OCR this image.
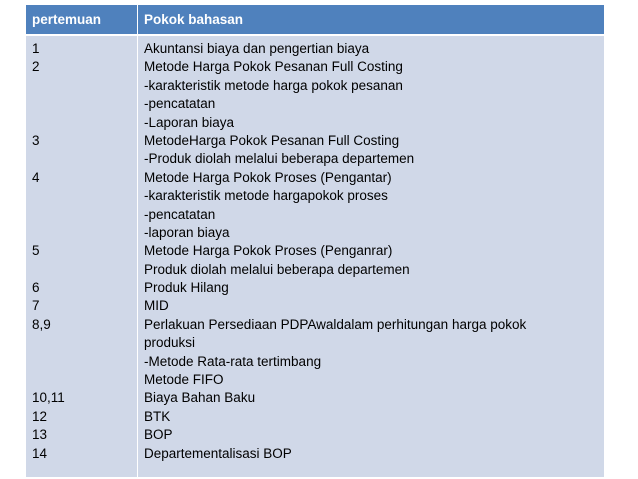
pertemuan	Pokok bahasan
1
2
3
4
5
6
7
8,9
10,11
12
13
14
Akuntansi biaya dan pengertian biaya
Metode Harga Pokok Pesanan Full Costing
-karakteristik metode harga pokok pesanan
-pencatatan
-Laporan biaya
MetodeHarga Pokok Pesanan Full Costing
-Produk diolah melalui beberapa departemen
Metode Harga Pokok Proses (Pengantar)
-karakteristik metode hargapokok proses
-pencatatan
-laporan biaya
Metode Harga Pokok Proses (Penganrar)
Produk diolah melalui beberapa departemen
Produk Hilang
MID
Perlakuan Persediaan PDPAwaldalam perhitungan harga pokok
produksi
-Metode Rata-rata tertimbang
Metode FIFO
Biaya Bahan Baku
BTK
BOP
Departementalisasi BOP
